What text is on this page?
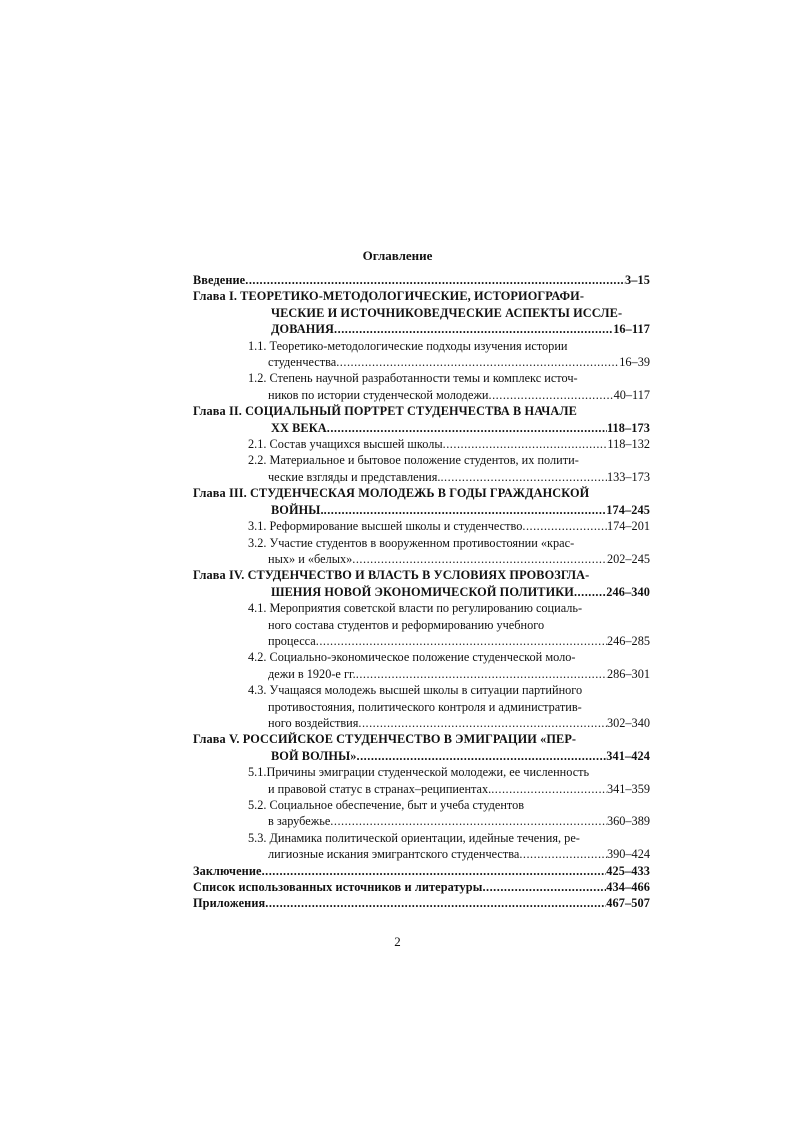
Оглавление
Введение .....	3–15
Глава I. ТЕОРЕТИКО-МЕТОДОЛОГИЧЕСКИЕ, ИСТОРИОГРАФИ-
ЧЕСКИЕ И ИСТОЧНИКОВЕДЧЕСКИЕ АСПЕКТЫ ИССЛЕ-
ДОВАНИЯ .....	16–117
1.1. Теоретико-методологические подходы изучения истории
студенчества .....	16–39
1.2. Степень научной разработанности темы и комплекс источ-
ников по истории студенческой молодежи .....	40–117
Глава II. СОЦИАЛЬНЫЙ ПОРТРЕТ СТУДЕНЧЕСТВА В НАЧАЛЕ
XX ВЕКА .....	118–173
2.1. Состав учащихся высшей школы .....	118–132
2.2. Материальное и бытовое положение студентов, их полити-
ческие взгляды и представления. .....	133–173
Глава III. СТУДЕНЧЕСКАЯ МОЛОДЕЖЬ В ГОДЫ ГРАЖДАНСКОЙ
ВОЙНЫ. .....	174–245
3.1. Реформирование высшей школы и студенчество .....	174–201
3.2. Участие студентов в вооруженном противостоянии «крас-
ных» и «белых» .....	202–245
Глава IV. СТУДЕНЧЕСТВО И ВЛАСТЬ В УСЛОВИЯХ ПРОВОЗГЛА-
ШЕНИЯ НОВОЙ ЭКОНОМИЧЕСКОЙ ПОЛИТИКИ .....	246–340
4.1. Мероприятия советской власти по регулированию социаль-
ного состава студентов и реформированию учебного
процесса .....	246–285
4.2. Социально-экономическое положение студенческой моло-
дежи в 1920-е гг. .....	286–301
4.3. Учащаяся молодежь высшей школы в ситуации партийного
противостояния, политического контроля и административ-
ного воздействия .....	302–340
Глава V. РОССИЙСКОЕ СТУДЕНЧЕСТВО В ЭМИГРАЦИИ «ПЕР-
ВОЙ ВОЛНЫ» .....	341–424
5.1.Причины эмиграции студенческой молодежи, ее численность
и правовой статус в странах–реципиентах. .....	341–359
5.2. Социальное обеспечение, быт и учеба студентов
в зарубежье .....	360–389
5.3. Динамика политической ориентации, идейные течения, ре-
лигиозные искания эмигрантского студенчества .....	390–424
Заключение .....	425–433
Список использованных источников и литературы .....	434–466
Приложения .....	467–507
2
